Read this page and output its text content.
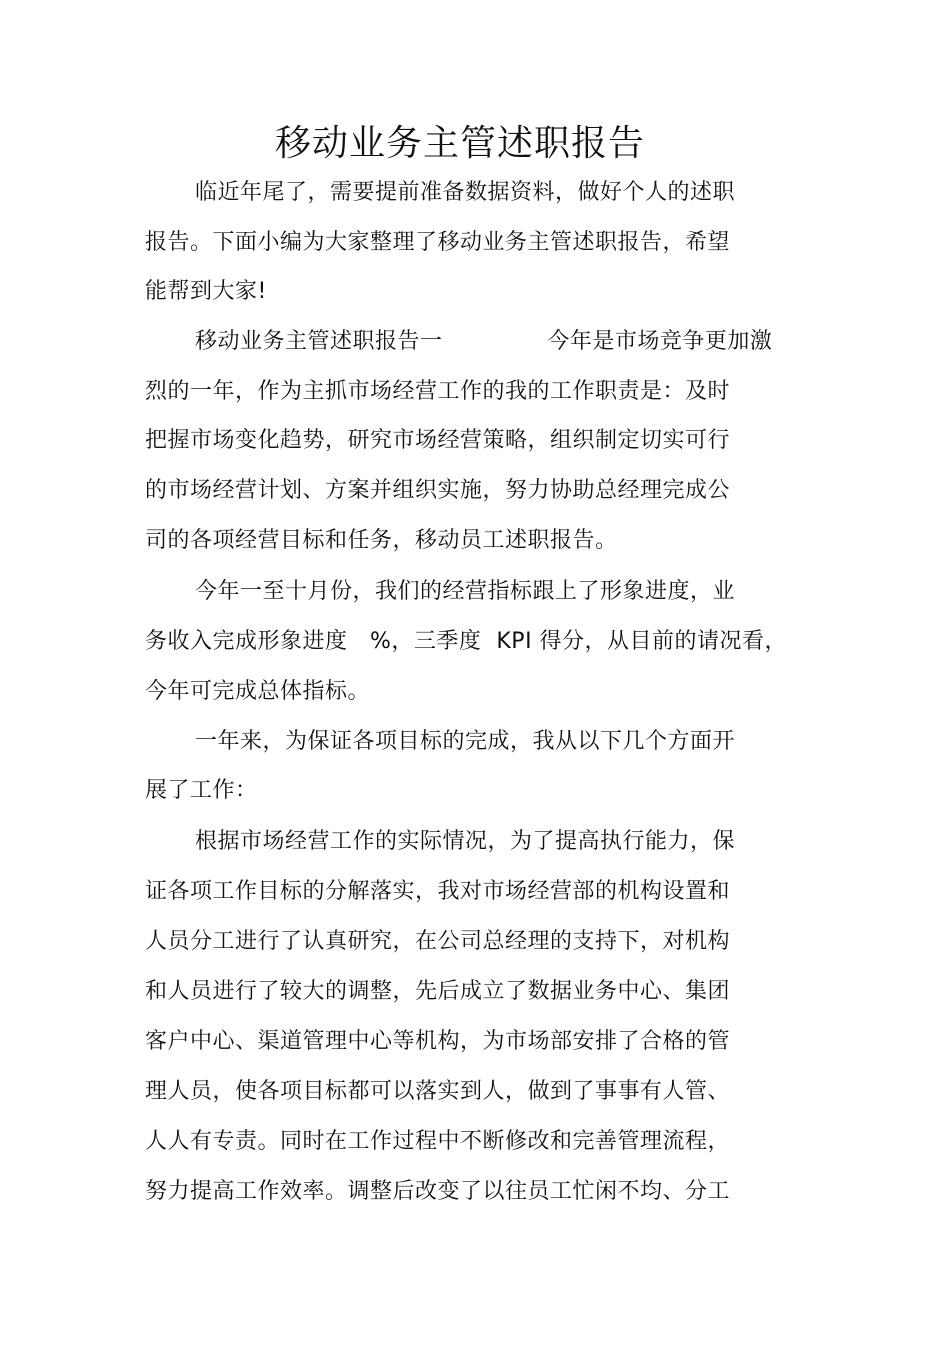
移动业务主管述职报告
临近年尾了，需要提前准备数据资料，做好个人的述职
报告。下面小编为大家整理了移动业务主管述职报告，希望
能帮到大家!
移动业务主管述职报告一              今年是市场竞争更加激
烈的一年，作为主抓市场经营工作的我的工作职责是：及时
把握市场变化趋势，研究市场经营策略，组织制定切实可行
的市场经营计划、方案并组织实施，努力协助总经理完成公
司的各项经营目标和任务，移动员工述职报告。
今年一至十月份，我们的经营指标跟上了形象进度，业
务收入完成形象进度   %，三季度  KPI 得分，从目前的请况看，
今年可完成总体指标。
一年来，为保证各项目标的完成，我从以下几个方面开
展了工作：
根据市场经营工作的实际情况，为了提高执行能力，保
证各项工作目标的分解落实，我对市场经营部的机构设置和
人员分工进行了认真研究，在公司总经理的支持下，对机构
和人员进行了较大的调整，先后成立了数据业务中心、集团
客户中心、渠道管理中心等机构，为市场部安排了合格的管
理人员，使各项目标都可以落实到人，做到了事事有人管、
人人有专责。同时在工作过程中不断修改和完善管理流程，
努力提高工作效率。调整后改变了以往员工忙闲不均、分工
